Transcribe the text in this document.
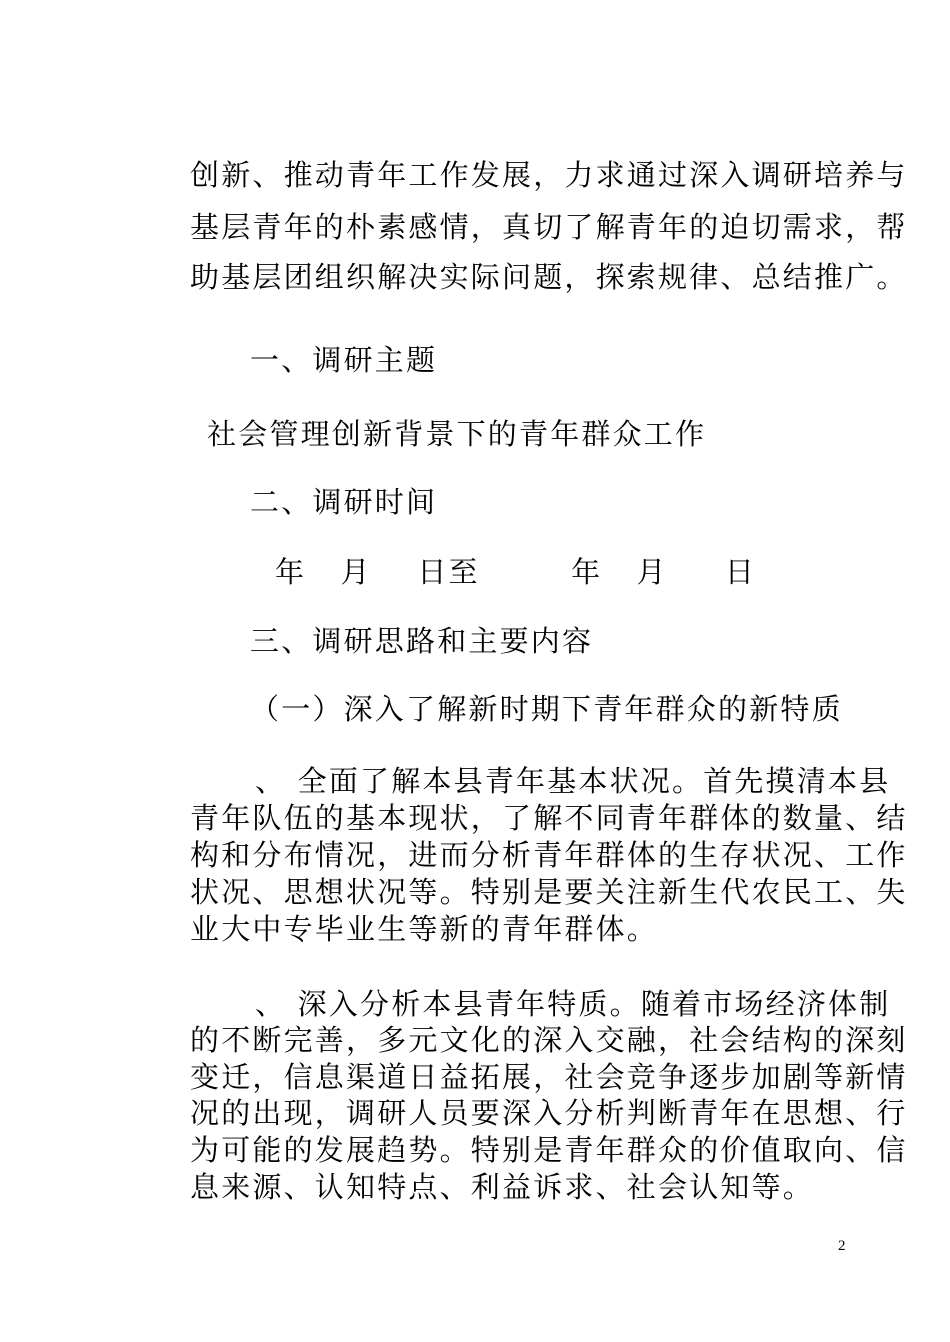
创新、推动青年工作发展，力求通过深入调研培养与
基层青年的朴素感情，真切了解青年的迫切需求，帮
助基层团组织解决实际问题，探索规律、总结推广。
一、调研主题
社会管理创新背景下的青年群众工作
二、调研时间
年   月    日至        年   月     日
三、调研思路和主要内容
（一）深入了解新时期下青年群众的新特质
、 全面了解本县青年基本状况。首先摸清本县
青年队伍的基本现状，了解不同青年群体的数量、结
构和分布情况，进而分析青年群体的生存状况、工作
状况、思想状况等。特别是要关注新生代农民工、失
业大中专毕业生等新的青年群体。
、 深入分析本县青年特质。随着市场经济体制
的不断完善，多元文化的深入交融，社会结构的深刻
变迁，信息渠道日益拓展，社会竞争逐步加剧等新情
况的出现，调研人员要深入分析判断青年在思想、行
为可能的发展趋势。特别是青年群众的价值取向、信
息来源、认知特点、利益诉求、社会认知等。
2
